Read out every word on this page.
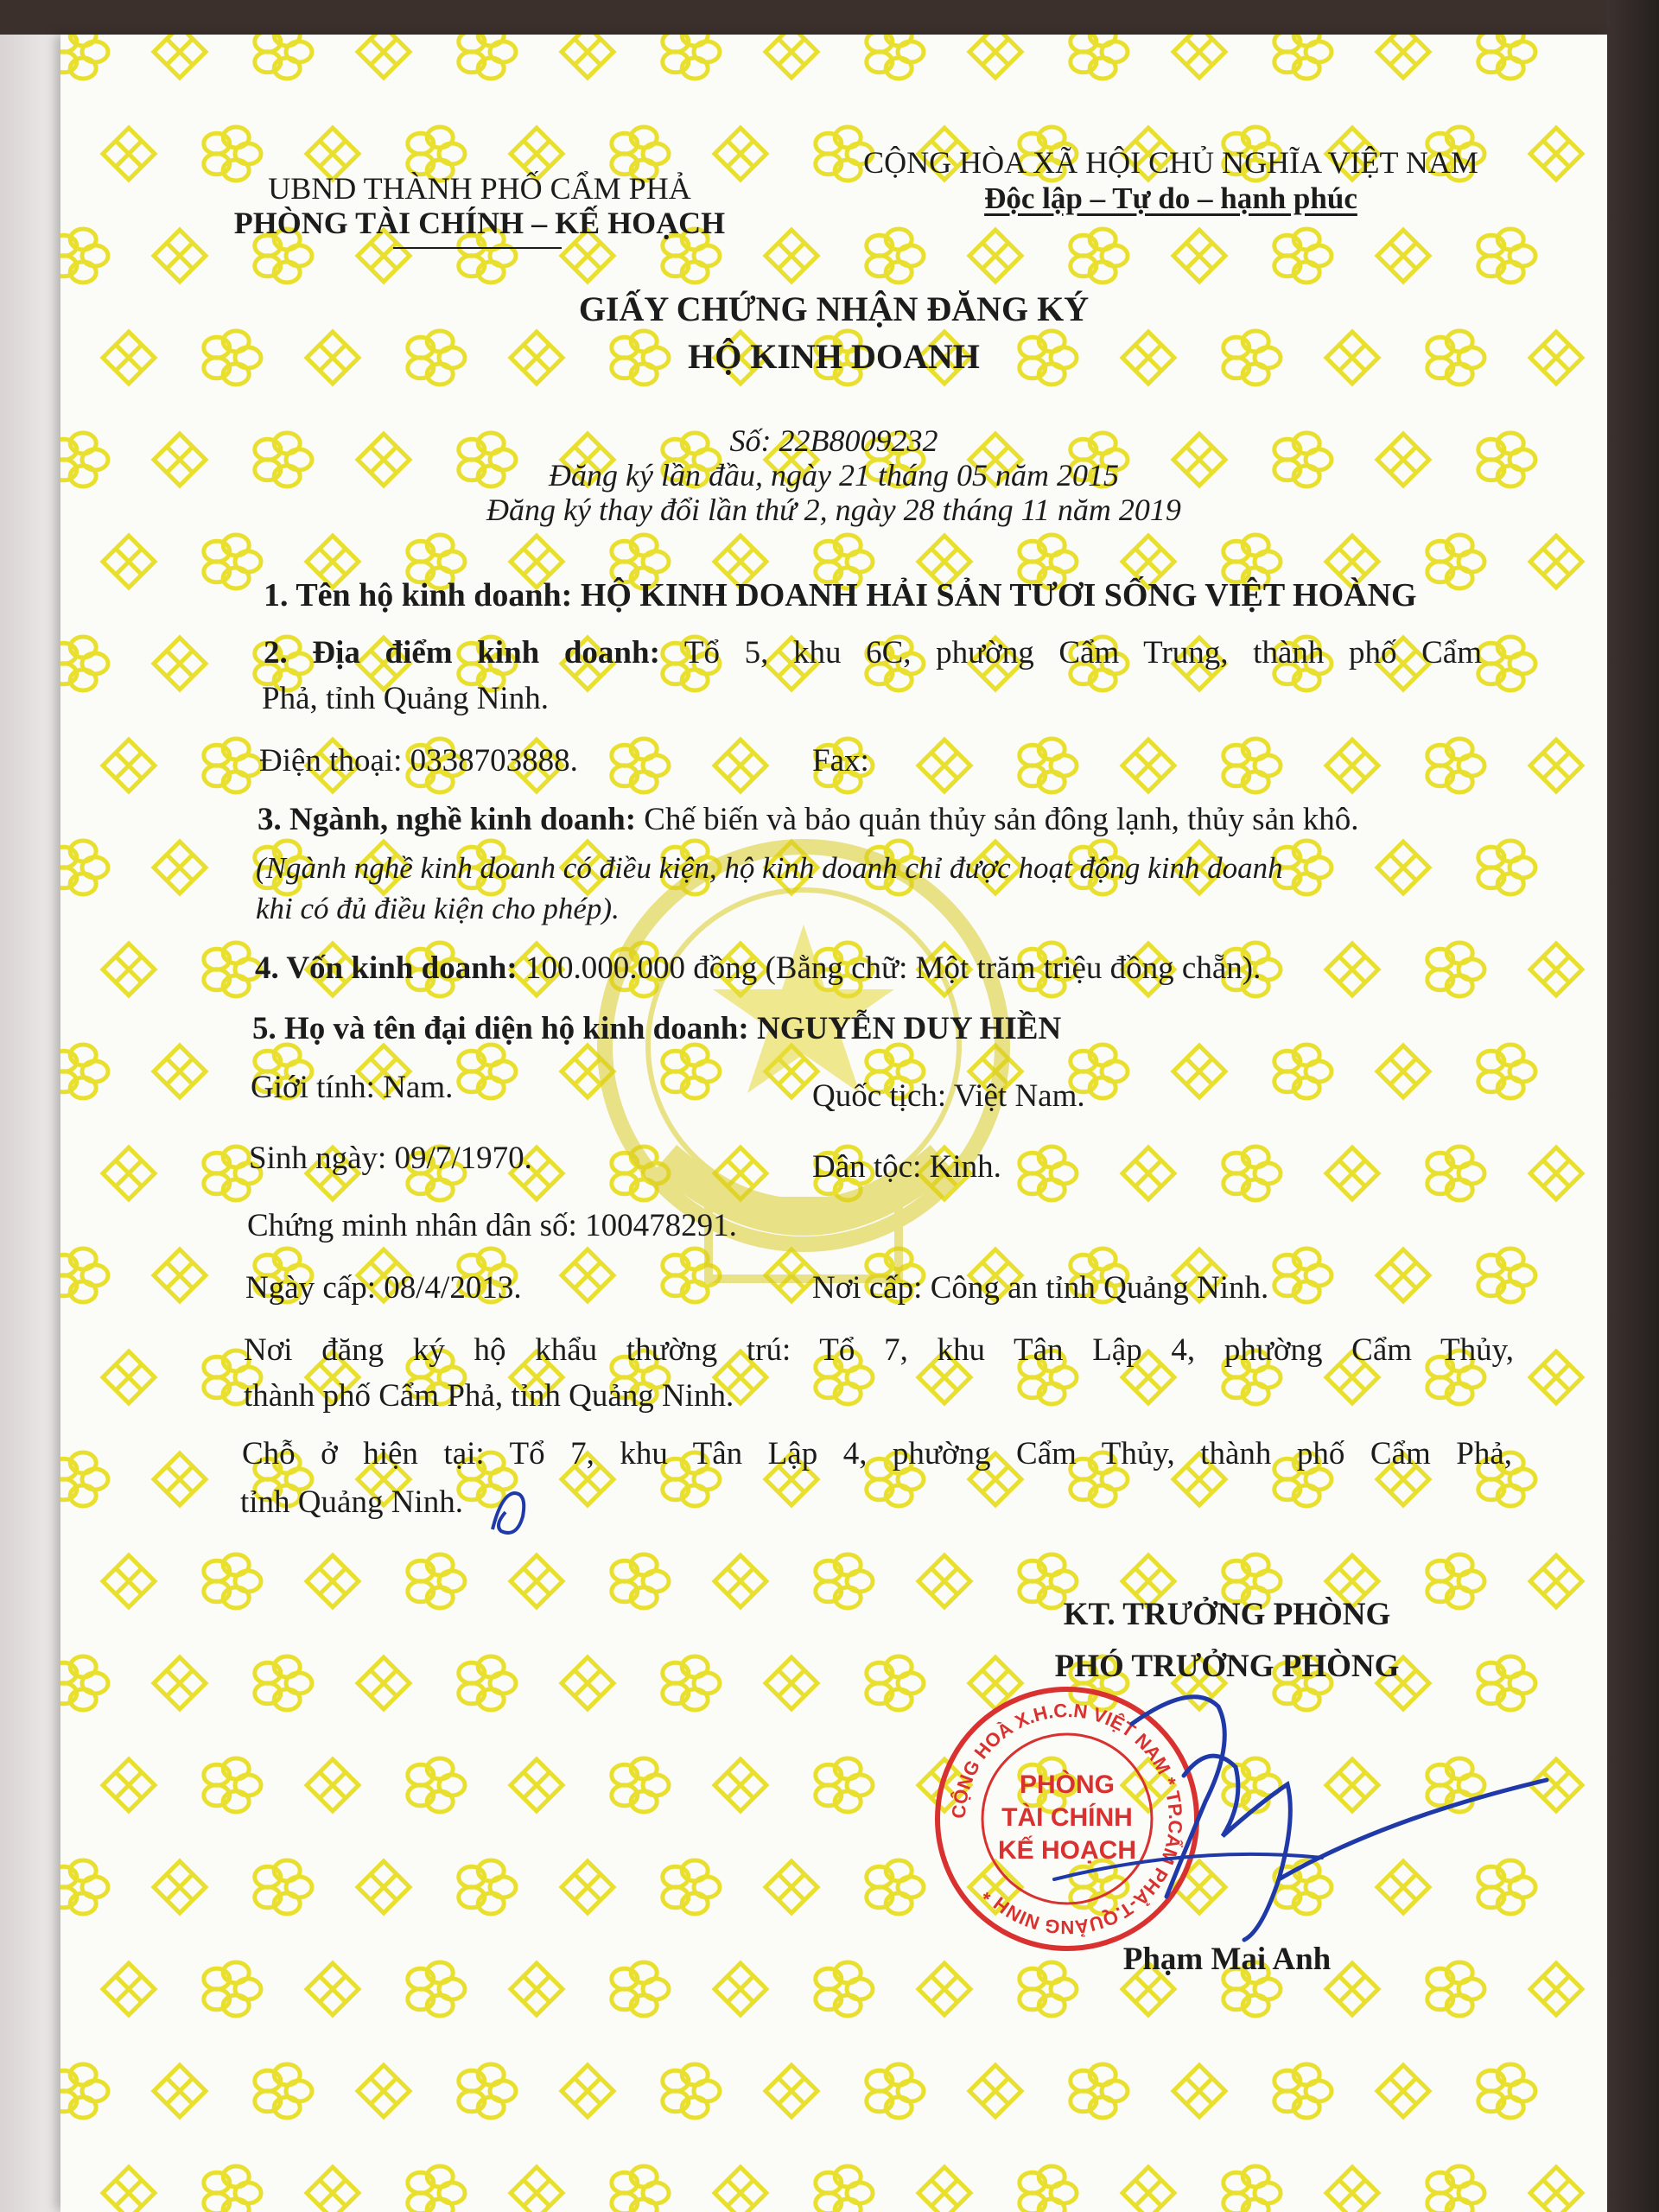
UBND THÀNH PHỐ CẨM PHẢ
PHÒNG TÀI CHÍNH – KẾ HOẠCH
CỘNG HÒA XÃ HỘI CHỦ NGHĨA VIỆT NAM
Độc lập – Tự do – hạnh phúc
GIẤY CHỨNG NHẬN ĐĂNG KÝ
HỘ KINH DOANH
Số: 22B8009232
Đăng ký lần đầu, ngày 21 tháng 05 năm 2015
Đăng ký thay đổi lần thứ 2, ngày 28 tháng 11 năm 2019
1. Tên hộ kinh doanh: HỘ KINH DOANH HẢI SẢN TƯƠI SỐNG VIỆT HOÀNG
2. Địa điểm kinh doanh: Tổ 5, khu 6C, phường Cẩm Trung, thành phố Cẩm
Phả, tỉnh Quảng Ninh.
Điện thoại: 0338703888.	Fax:
3. Ngành, nghề kinh doanh: Chế biến và bảo quản thủy sản đông lạnh, thủy sản khô.
(Ngành nghề kinh doanh có điều kiện, hộ kinh doanh chỉ được hoạt động kinh doanh
khi có đủ điều kiện cho phép).
4. Vốn kinh doanh: 100.000.000 đồng (Bằng chữ: Một trăm triệu đồng chẵn).
5. Họ và tên đại diện hộ kinh doanh: NGUYỄN DUY HIỀN
Giới tính: Nam.	Quốc tịch: Việt Nam.
Sinh ngày: 09/7/1970.	Dân tộc: Kinh.
Chứng minh nhân dân số: 100478291.
Ngày cấp: 08/4/2013.	Nơi cấp: Công an tỉnh Quảng Ninh.
Nơi đăng ký hộ khẩu thường trú: Tổ 7, khu Tân Lập 4, phường Cẩm Thủy,
thành phố Cẩm Phả, tỉnh Quảng Ninh.
Chỗ ở hiện tại: Tổ 7, khu Tân Lập 4, phường Cẩm Thủy, thành phố Cẩm Phả,
tỉnh Quảng Ninh.
KT. TRƯỞNG PHÒNG
PHÓ TRƯỞNG PHÒNG
CỘNG HOÀ X.H.C.N VIỆT NAM * TP.CẨM PHẢ-T.QUẢNG NINH *
PHÒNG
TÀI CHÍNH
KẾ HOẠCH
Phạm Mai Anh
